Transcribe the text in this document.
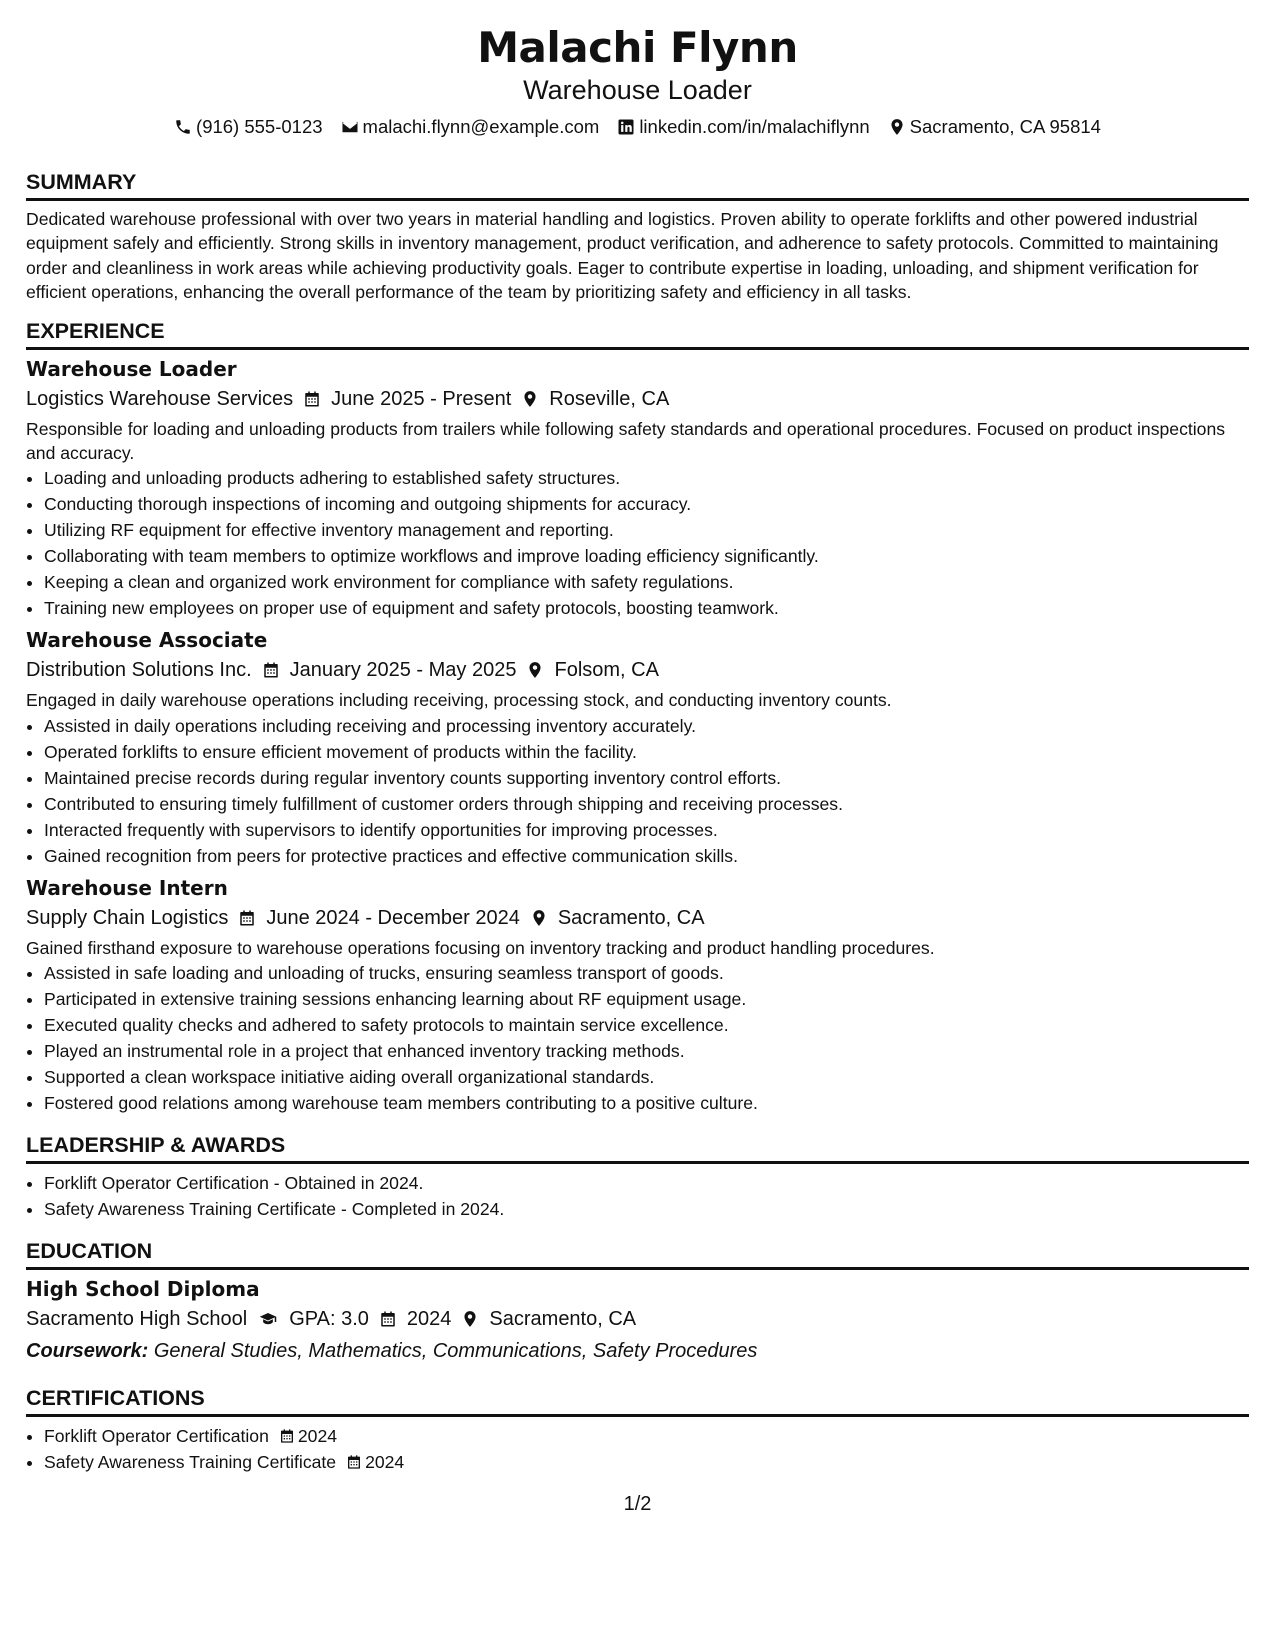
Malachi Flynn
Warehouse Loader
(916) 555-0123 malachi.flynn@example.com linkedin.com/in/malachiflynn Sacramento, CA 95814
SUMMARY
Dedicated warehouse professional with over two years in material handling and logistics. Proven ability to operate forklifts and other powered industrial equipment safely and efficiently. Strong skills in inventory management, product verification, and adherence to safety protocols. Committed to maintaining order and cleanliness in work areas while achieving productivity goals. Eager to contribute expertise in loading, unloading, and shipment verification for efficient operations, enhancing the overall performance of the team by prioritizing safety and efficiency in all tasks.
EXPERIENCE
Warehouse Loader
Logistics Warehouse Services June 2025 - Present Roseville, CA
Responsible for loading and unloading products from trailers while following safety standards and operational procedures. Focused on product inspections and accuracy.
• Loading and unloading products adhering to established safety structures.
• Conducting thorough inspections of incoming and outgoing shipments for accuracy.
• Utilizing RF equipment for effective inventory management and reporting.
• Collaborating with team members to optimize workflows and improve loading efficiency significantly.
• Keeping a clean and organized work environment for compliance with safety regulations.
• Training new employees on proper use of equipment and safety protocols, boosting teamwork.
Warehouse Associate
Distribution Solutions Inc. January 2025 - May 2025 Folsom, CA
Engaged in daily warehouse operations including receiving, processing stock, and conducting inventory counts.
• Assisted in daily operations including receiving and processing inventory accurately.
• Operated forklifts to ensure efficient movement of products within the facility.
• Maintained precise records during regular inventory counts supporting inventory control efforts.
• Contributed to ensuring timely fulfillment of customer orders through shipping and receiving processes.
• Interacted frequently with supervisors to identify opportunities for improving processes.
• Gained recognition from peers for protective practices and effective communication skills.
Warehouse Intern
Supply Chain Logistics June 2024 - December 2024 Sacramento, CA
Gained firsthand exposure to warehouse operations focusing on inventory tracking and product handling procedures.
• Assisted in safe loading and unloading of trucks, ensuring seamless transport of goods.
• Participated in extensive training sessions enhancing learning about RF equipment usage.
• Executed quality checks and adhered to safety protocols to maintain service excellence.
• Played an instrumental role in a project that enhanced inventory tracking methods.
• Supported a clean workspace initiative aiding overall organizational standards.
• Fostered good relations among warehouse team members contributing to a positive culture.
LEADERSHIP & AWARDS
• Forklift Operator Certification - Obtained in 2024.
• Safety Awareness Training Certificate - Completed in 2024.
EDUCATION
High School Diploma
Sacramento High School GPA: 3.0 2024 Sacramento, CA
Coursework: General Studies, Mathematics, Communications, Safety Procedures
CERTIFICATIONS
• Forklift Operator Certification 2024
• Safety Awareness Training Certificate 2024
1/2
